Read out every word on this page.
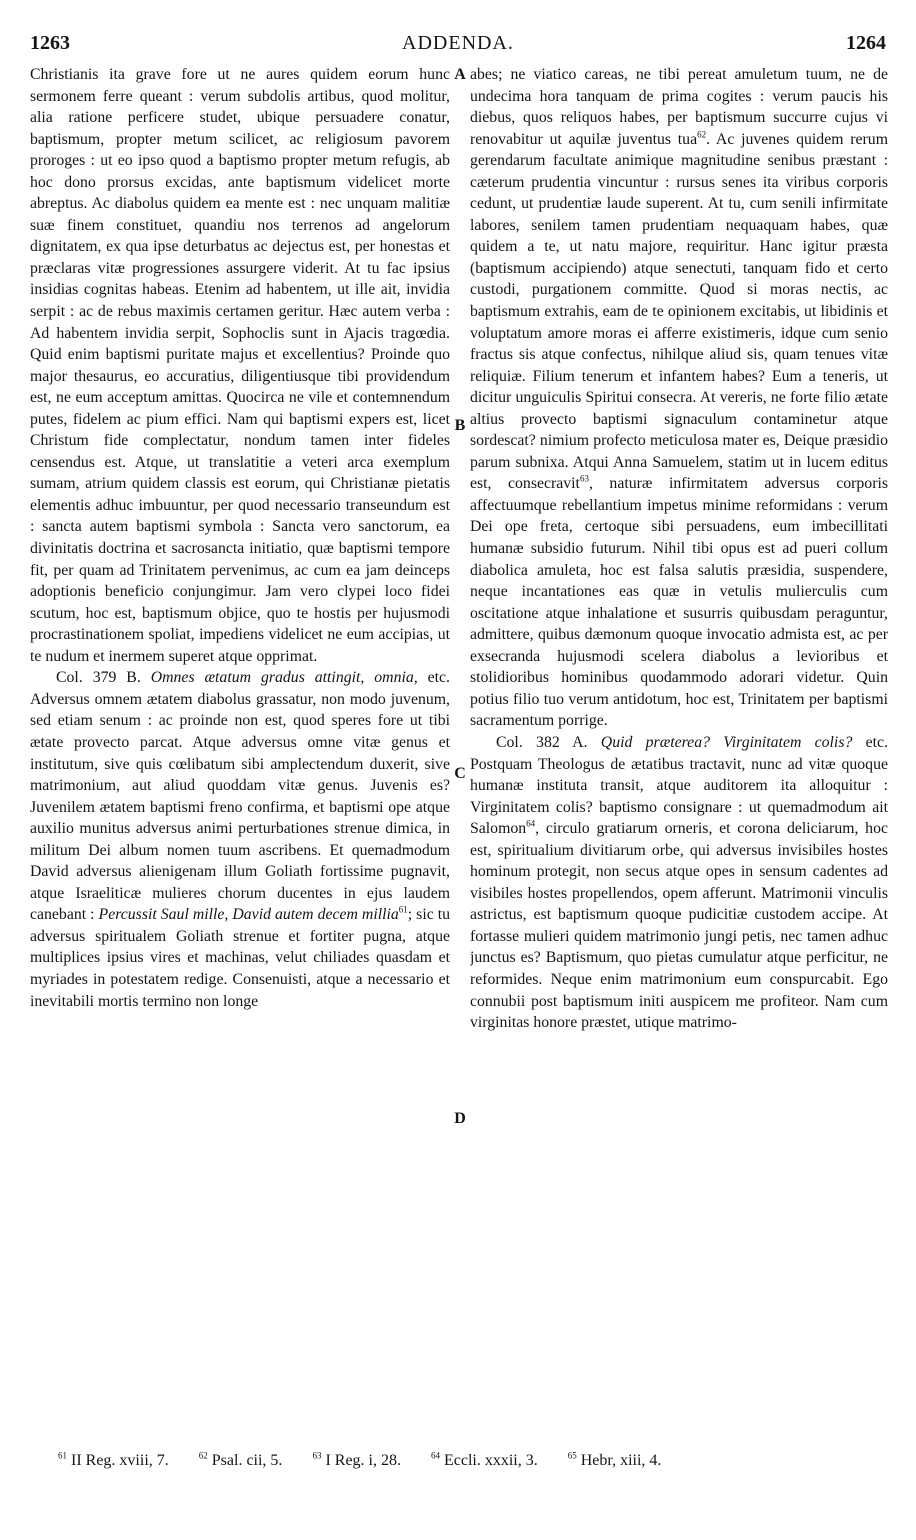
1263	ADDENDA.	1264

Christianis ita grave fore ut ne aures quidem eorum hunc sermonem ferre queant : verum subdolis artibus, quod molitur, alia ratione perficere studet, ubique persuadere conatur, baptismum, propter metum scilicet, ac religiosum pavorem proroges : ut eo ipso quod a baptismo propter metum refugis, ab hoc dono prorsus excidas, ante baptismum videlicet morte abreptus. Ac diabolus quidem ea mente est : nec unquam malitiæ suæ finem constituet, quandiu nos terrenos ad angelorum dignitatem, ex qua ipse deturbatus ac dejectus est, per honestas et præclaras vitæ progressiones assurgere viderit. At tu fac ipsius insidias cognitas habeas. Etenim ad habentem, ut ille ait, invidia serpit : ac de rebus maximis certamen geritur. Hæc autem verba : Ad habentem invidia serpit, Sophoclis sunt in Ajacis tragœdia. Quid enim baptismi puritate majus et excellentius? Proinde quo major thesaurus, eo accuratius, diligentiusque tibi providendum est, ne eum acceptum amittas. Quocirca ne vile et contemnendum putes, fidelem ac pium effici. Nam qui baptismi expers est, licet Christum fide complectatur, nondum tamen inter fideles censendus est. Atque, ut translatitie a veteri arca exemplum sumam, atrium quidem classis est eorum, qui Christianæ pietatis elementis adhuc imbuuntur, per quod necessario transeundum est : sancta autem baptismi symbola : Sancta vero sanctorum, ea divinitatis doctrina et sacrosancta initiatio, quæ baptismi tempore fit, per quam ad Trinitatem pervenimus, ac cum ea jam deinceps adoptionis beneficio conjungimur. Jam vero clypei loco fidei scutum, hoc est, baptismum objice, quo te hostis per hujusmodi procrastinationem spoliat, impediens videlicet ne eum accipias, ut te nudum et inermem superet atque opprimat.

Col. 379 B. Omnes ætatum gradus attingit, omnia, etc. Adversus omnem ætatem diabolus grassatur, non modo juvenum, sed etiam senum : ac proinde non est, quod speres fore ut tibi ætate provecto parcat. Atque adversus omne vitæ genus et institutum, sive quis cœlibatum sibi amplectendum duxerit, sive matrimonium, aut aliud quoddam vitæ genus. Juvenis es? Juvenilem ætatem baptismi freno confirma, et baptismi ope atque auxilio munitus adversus animi perturbationes strenue dimica, in militum Dei album nomen tuum ascribens. Et quemadmodum David adversus alienigenam illum Goliath fortissime pugnavit, atque Israeliticæ mulieres chorum ducentes in ejus laudem canebant : Percussit Saul mille, David autem decem millia$^{61}$; sic tu adversus spiritualem Goliath strenue et fortiter pugna, atque multiplices ipsius vires et machinas, velut chiliades quasdam et myriades in potestatem redige. Consenuisti, atque a necessario et inevitabili mortis termino non longe

A
B
C
D

abes; ne viatico careas, ne tibi pereat amuletum tuum, ne de undecima hora tanquam de prima cogites : verum paucis his diebus, quos reliquos habes, per baptismum succurre cujus vi renovabitur ut aquilæ juventus tua$^{62}$. Ac juvenes quidem rerum gerendarum facultate animique magnitudine senibus præstant : cæterum prudentia vincuntur : rursus senes ita viribus corporis cedunt, ut prudentiæ laude superent. At tu, cum senili infirmitate labores, senilem tamen prudentiam nequaquam habes, quæ quidem a te, ut natu majore, requiritur. Hanc igitur præsta (baptismum accipiendo) atque senectuti, tanquam fido et certo custodi, purgationem committe. Quod si moras nectis, ac baptismum extrahis, eam de te opinionem excitabis, ut libidinis et voluptatum amore moras ei afferre existimeris, idque cum senio fractus sis atque confectus, nihilque aliud sis, quam tenues vitæ reliquiæ. Filium tenerum et infantem habes? Eum a teneris, ut dicitur unguiculis Spiritui consecra. At vereris, ne forte filio ætate altius provecto baptismi signaculum contaminetur atque sordescat? nimium profecto meticulosa mater es, Deique præsidio parum subnixa. Atqui Anna Samuelem, statim ut in lucem editus est, consecravit$^{63}$, naturæ infirmitatem adversus corporis affectuumque rebellantium impetus minime reformidans : verum Dei ope freta, certoque sibi persuadens, eum imbecillitati humanæ subsidio futurum. Nihil tibi opus est ad pueri collum diabolica amuleta, hoc est falsa salutis præsidia, suspendere, neque incantationes eas quæ in vetulis mulierculis cum oscitatione atque inhalatione et susurris quibusdam peraguntur, admittere, quibus dæmonum quoque invocatio admista est, ac per exsecranda hujusmodi scelera diabolus a levioribus et stolidioribus hominibus quodammodo adorari videtur. Quin potius filio tuo verum antidotum, hoc est, Trinitatem per baptismi sacramentum porrige.

Col. 382 A. Quid præterea? Virginitatem colis? etc. Postquam Theologus de ætatibus tractavit, nunc ad vitæ quoque humanæ instituta transit, atque auditorem ita alloquitur : Virginitatem colis? baptismo consignare : ut quemadmodum ait Salomon$^{64}$, circulo gratiarum orneris, et corona deliciarum, hoc est, spiritualium divitiarum orbe, qui adversus invisibiles hostes hominum protegit, non secus atque opes in sensum cadentes ad visibiles hostes propellendos, opem afferunt. Matrimonii vinculis astrictus, est baptismum quoque pudicitiæ custodem accipe. At fortasse mulieri quidem matrimonio jungi petis, nec tamen adhuc junctus es? Baptismum, quo pietas cumulatur atque perficitur, ne reformides. Neque enim matrimonium eum conspurcabit. Ego connubii post baptismum initi auspicem me profiteor. Nam cum virginitas honore præstet, utique matrimo-

$^{61}$ II Reg. xviii, 7.	$^{62}$ Psal. cii, 5.	$^{63}$ I Reg. i, 28.	$^{64}$ Eccli. xxxii, 3.	$^{65}$ Hebr, xiii, 4.
